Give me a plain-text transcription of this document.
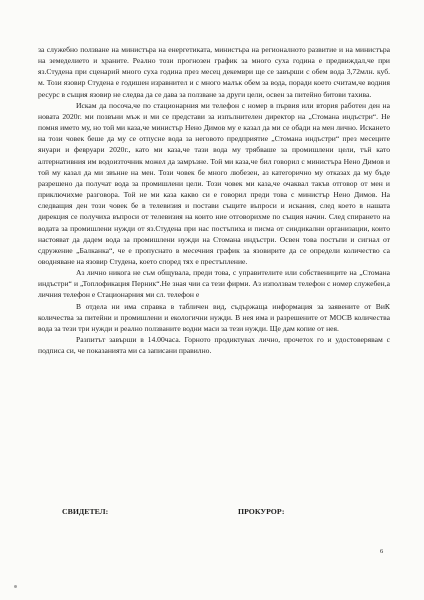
за служебно ползване на министъра на енергетиката, министъра на регионалното развитие и на министъра на земеделието и храните. Реално този прогнозен график за много суха година е предвиждал,че при яз.Студена при сценарий много суха година през месец декември ще се завърши с обем вода 3,72млн. куб. м. Този язовир Студена е годишен изравнител и с много малък обем за вода, поради което считам,че водния ресурс в същия язовир не следва да се дава за ползване за други цели, освен за питейно битови тахива.

Искам да посоча,че по стационарния ми телефон с номер в първия или втория работен ден на новата 2020г. ми позвъни мъж и ми се представи за изпълнителен директор на „Стомана индъстри“. Не помня името му, но той ми каза,че министър Нено Димов му е казал да ми се обади на мен лично. Искането на този човек беше да му се отпусне вода за неговото предприятие „Стомана индъстри“ през месеците януари и февруари 2020г., като ми каза,че тази вода му трябваше за промишлени цели, тъй като алтернативния им водоизточник можел да замръзне. Той ми каза,че бил говорил с министъра Нено Димов и той му казал да ми звънне на мен. Този човек бе много любезен, аз категорично му отказах да му бъде разрешено да получат вода за промишлени цели. Този човек ми каза,че очаквал такъв отговор от мен и приключихме разговора. Той не ми каза какво си е говорил преди това с министър Нено Димов. На следващия ден този човек бе в телевизия и постави същите въпроси и искания, след което в нашата дирекция се получиха въпроси от телевизия на които ние отговорихме по същия начин. След спирането на водата за промишлени нужди от яз.Студена при нас постъпиха и писма от синдикални организации, които настояват да дадем вода за промишлени нужди на Стомана индъстри. Освен това постъпи и сигнал от сдружение „Балканка“, че е пропуснато в месечния график за язовирите да се определи количество са оводняване на язовир Студена, което според тях е престъпление.

Аз лично никога не съм общувала, преди това, с управителите или собствениците на „Стомана индъстри“ и „Топлофикация Перник“.Не зная чии са тези фирми. Аз използвам телефон с номер служебен,а личния телефон е Стационарния ми сл. телефон е

В отдела ни има справка в табличен вид, съдържаща информация за заявените от ВиК количества за питейни и промишлени и екологични нужди. В нея има и разрешените от МОСВ количества вода за тези три нужди и реално ползваните водни маси за тези нужди. Ще дам копие от нея.

Разпитът завърши в 14.00часа. Горното продиктувах лично, прочетох го и удостоверявам с подписа си, че показанията ми са записани правилно.

СВИДЕТЕЛ:	ПРОКУРОР:
6
